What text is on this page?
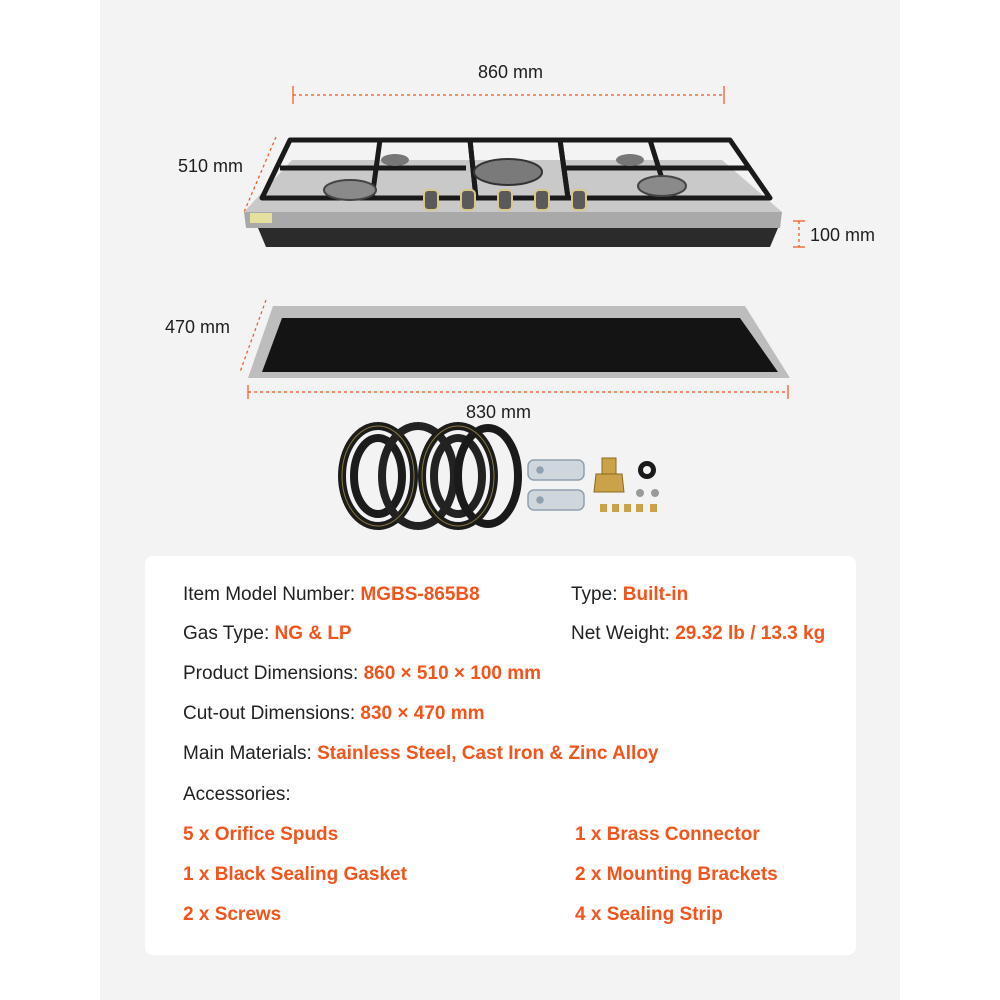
860 mm
510 mm
100 mm
470 mm
830 mm
Item Model Number: MGBS-865B8	Type: Built-in
Gas Type: NG & LP	Net Weight: 29.32 lb / 13.3 kg
Product Dimensions: 860 × 510 × 100 mm
Cut-out Dimensions: 830 × 470 mm
Main Materials: Stainless Steel, Cast Iron & Zinc Alloy
Accessories:
5 x Orifice Spuds	1 x Brass Connector
1 x Black Sealing Gasket	2 x Mounting Brackets
2 x Screws	4 x Sealing Strip
